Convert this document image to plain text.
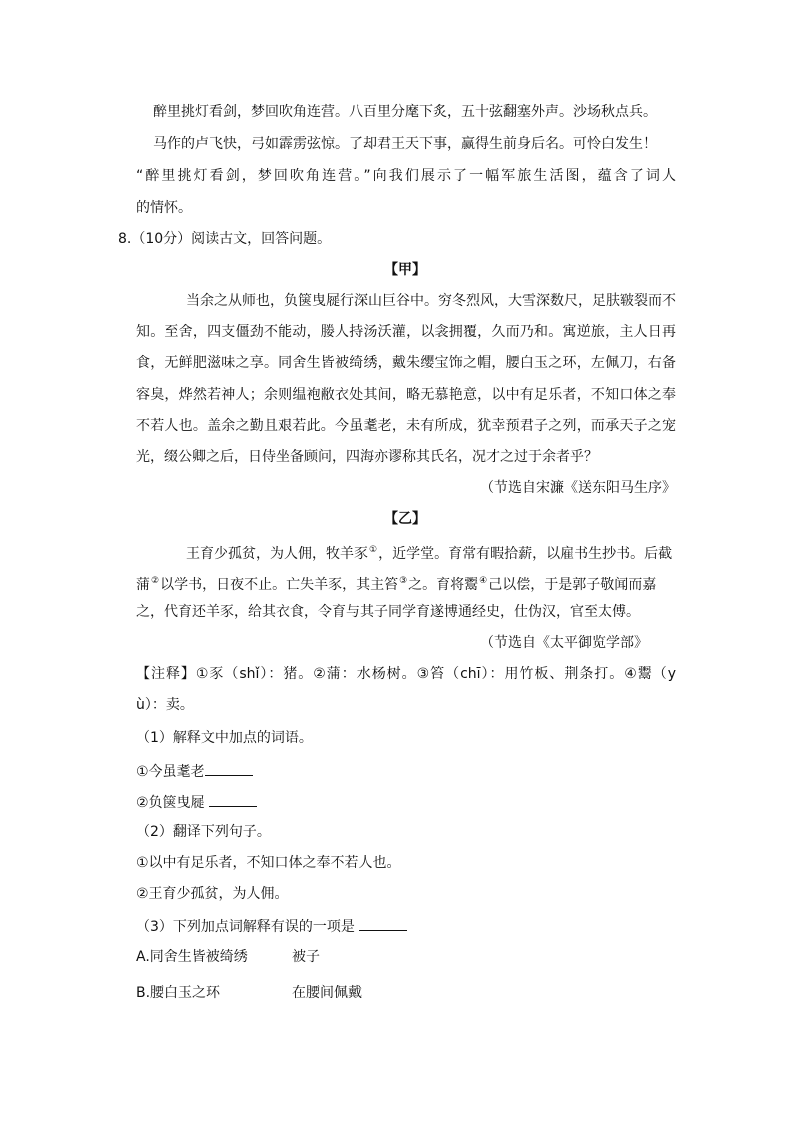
醉里挑灯看剑，梦回吹角连营。八百里分麾下炙，五十弦翻塞外声。沙场秋点兵。
马作的卢飞快，弓如霹雳弦惊。了却君王天下事，赢得生前身后名。可怜白发生！
“醉里挑灯看剑，梦回吹角连营。”向我们展示了一幅军旅生活图，蕴含了词人
的情怀。
8.（10分）阅读古文，回答问题。
【甲】
当余之从师也，负箧曳屣行深山巨谷中。穷冬烈风，大雪深数尺，足肤皲裂而不
知。至舍，四支僵劲不能动，媵人持汤沃灌，以衾拥覆，久而乃和。寓逆旅，主人日再
食，无鲜肥滋味之享。同舍生皆被绮绣，戴朱缨宝饰之帽，腰白玉之环，左佩刀，右备
容臭，烨然若神人；余则缊袍敝衣处其间，略无慕艳意，以中有足乐者，不知口体之奉
不若人也。盖余之勤且艰若此。今虽耄老，未有所成，犹幸预君子之列，而承天子之宠
光，缀公卿之后，日侍坐备顾问，四海亦谬称其氏名，况才之过于余者乎？
（节选自宋濂《送东阳马生序》
【乙】
王育少孤贫，为人佣，牧羊豕①，近学堂。育常有暇拾薪，以雇书生抄书。后截
蒲②以学书，日夜不止。亡失羊豕，其主笞③之。育将鬻④己以偿，于是郭子敬闻而嘉
之，代育还羊豕，给其衣食，令育与其子同学育遂博通经史，仕伪汉，官至太傅。
（节选自《太平御览学部》
【注释】①豕（shǐ）：猪。②蒲：水杨树。③笞（chī）：用竹板、荆条打。④鬻（y
ù）：卖。
（1）解释文中加点的词语。
①今虽耄老
②负箧曳屣
（2）翻译下列句子。
①以中有足乐者，不知口体之奉不若人也。
②王育少孤贫，为人佣。
（3）下列加点词解释有误的一项是
A.同舍生皆被绮绣	被子
B.腰白玉之环	在腰间佩戴
